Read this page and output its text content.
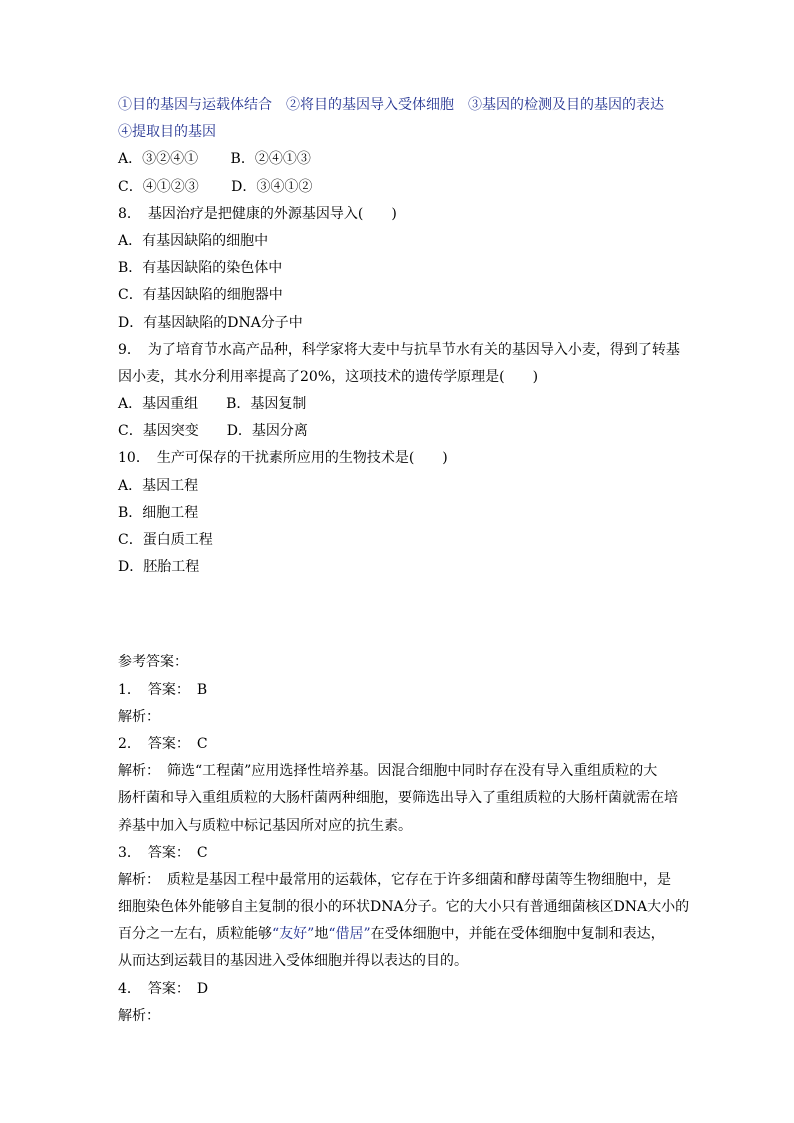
①目的基因与运载体结合　②将目的基因导入受体细胞　③基因的检测及目的基因的表达
④提取目的基因
A．③②④①　　 B．②④①③
C．④①②③　　 D．③④①②
8．　基因治疗是把健康的外源基因导入(　　)
A．有基因缺陷的细胞中
B．有基因缺陷的染色体中
C．有基因缺陷的细胞器中
D．有基因缺陷的DNA分子中
9．　为了培育节水高产品种，科学家将大麦中与抗旱节水有关的基因导入小麦，得到了转基
因小麦，其水分利用率提高了20%，这项技术的遗传学原理是(　　)
A．基因重组　　B．基因复制
C．基因突变　　D．基因分离
10．　生产可保存的干扰素所应用的生物技术是(　　)
A．基因工程
B．细胞工程
C．蛋白质工程
D．胚胎工程
参考答案：
1．　答案：　B
解析：
2．　答案：　C
解析：　筛选“工程菌”应用选择性培养基。因混合细胞中同时存在没有导入重组质粒的大
肠杆菌和导入重组质粒的大肠杆菌两种细胞，要筛选出导入了重组质粒的大肠杆菌就需在培
养基中加入与质粒中标记基因所对应的抗生素。
3．　答案：　C
解析：　质粒是基因工程中最常用的运载体，它存在于许多细菌和酵母菌等生物细胞中，是
细胞染色体外能够自主复制的很小的环状DNA分子。它的大小只有普通细菌核区DNA大小的
百分之一左右，质粒能够“友好”地“借居”在受体细胞中，并能在受体细胞中复制和表达，
从而达到运载目的基因进入受体细胞并得以表达的目的。
4．　答案：　D
解析：
